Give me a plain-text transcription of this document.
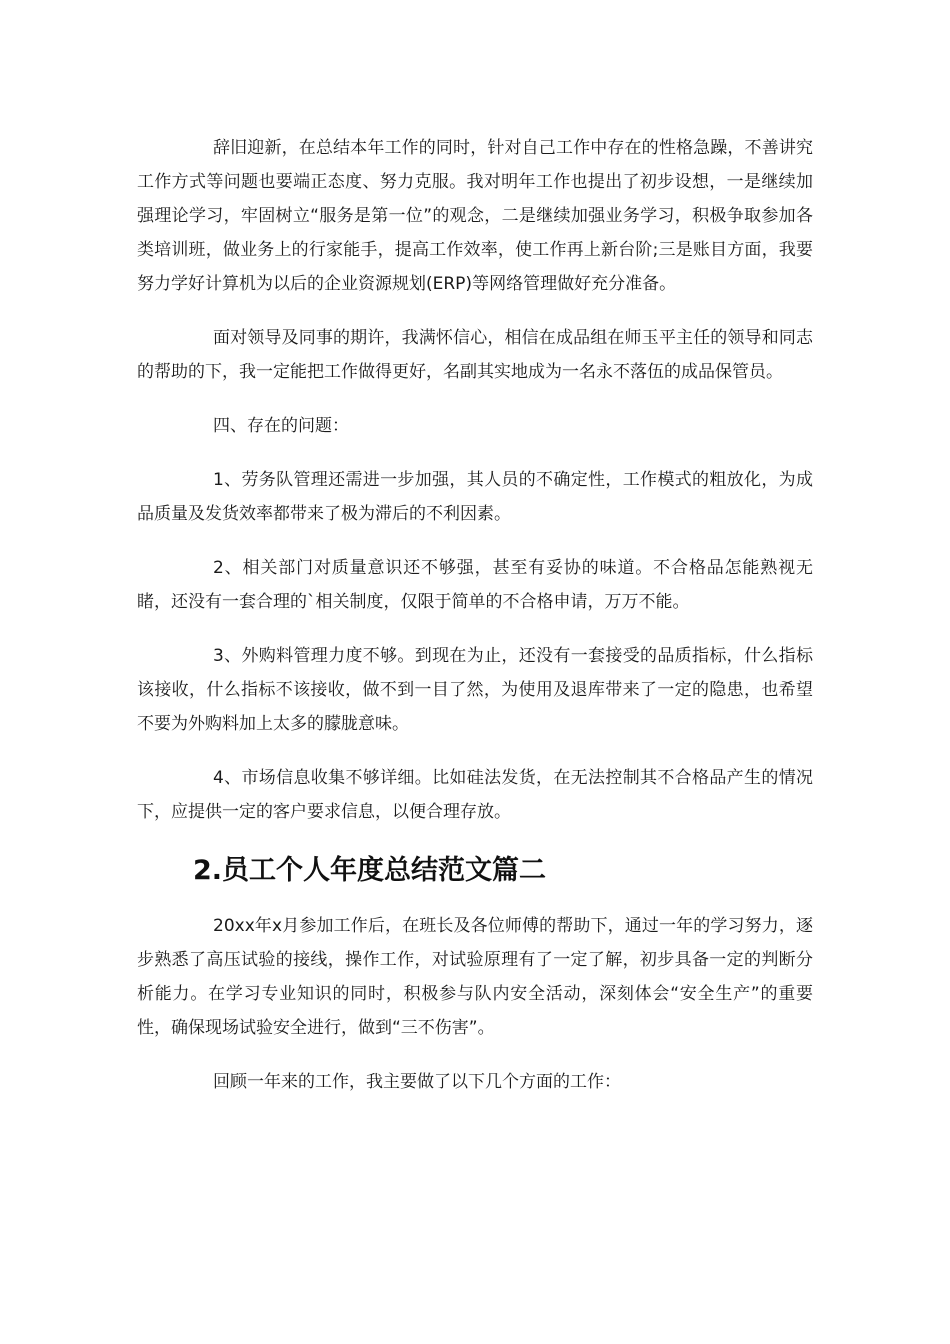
辞旧迎新，在总结本年工作的同时，针对自己工作中存在的性格急躁，不善讲究工作方式等问题也要端正态度、努力克服。我对明年工作也提出了初步设想，一是继续加强理论学习，牢固树立“服务是第一位”的观念，二是继续加强业务学习，积极争取参加各类培训班，做业务上的行家能手，提高工作效率，使工作再上新台阶;三是账目方面，我要努力学好计算机为以后的企业资源规划(ERP)等网络管理做好充分准备。

面对领导及同事的期许，我满怀信心，相信在成品组在师玉平主任的领导和同志的帮助的下，我一定能把工作做得更好，名副其实地成为一名永不落伍的成品保管员。

四、存在的问题：

1、劳务队管理还需进一步加强，其人员的不确定性，工作模式的粗放化，为成品质量及发货效率都带来了极为滞后的不利因素。

2、相关部门对质量意识还不够强，甚至有妥协的味道。不合格品怎能熟视无睹，还没有一套合理的`相关制度，仅限于简单的不合格申请，万万不能。

3、外购料管理力度不够。到现在为止，还没有一套接受的品质指标，什么指标该接收，什么指标不该接收，做不到一目了然，为使用及退库带来了一定的隐患，也希望不要为外购料加上太多的朦胧意味。

4、市场信息收集不够详细。比如硅法发货，在无法控制其不合格品产生的情况下，应提供一定的客户要求信息，以便合理存放。

2.员工个人年度总结范文篇二

20xx年x月参加工作后，在班长及各位师傅的帮助下，通过一年的学习努力，逐步熟悉了高压试验的接线，操作工作，对试验原理有了一定了解，初步具备一定的判断分析能力。在学习专业知识的同时，积极参与队内安全活动，深刻体会“安全生产”的重要性，确保现场试验安全进行，做到“三不伤害”。

回顾一年来的工作，我主要做了以下几个方面的工作：
